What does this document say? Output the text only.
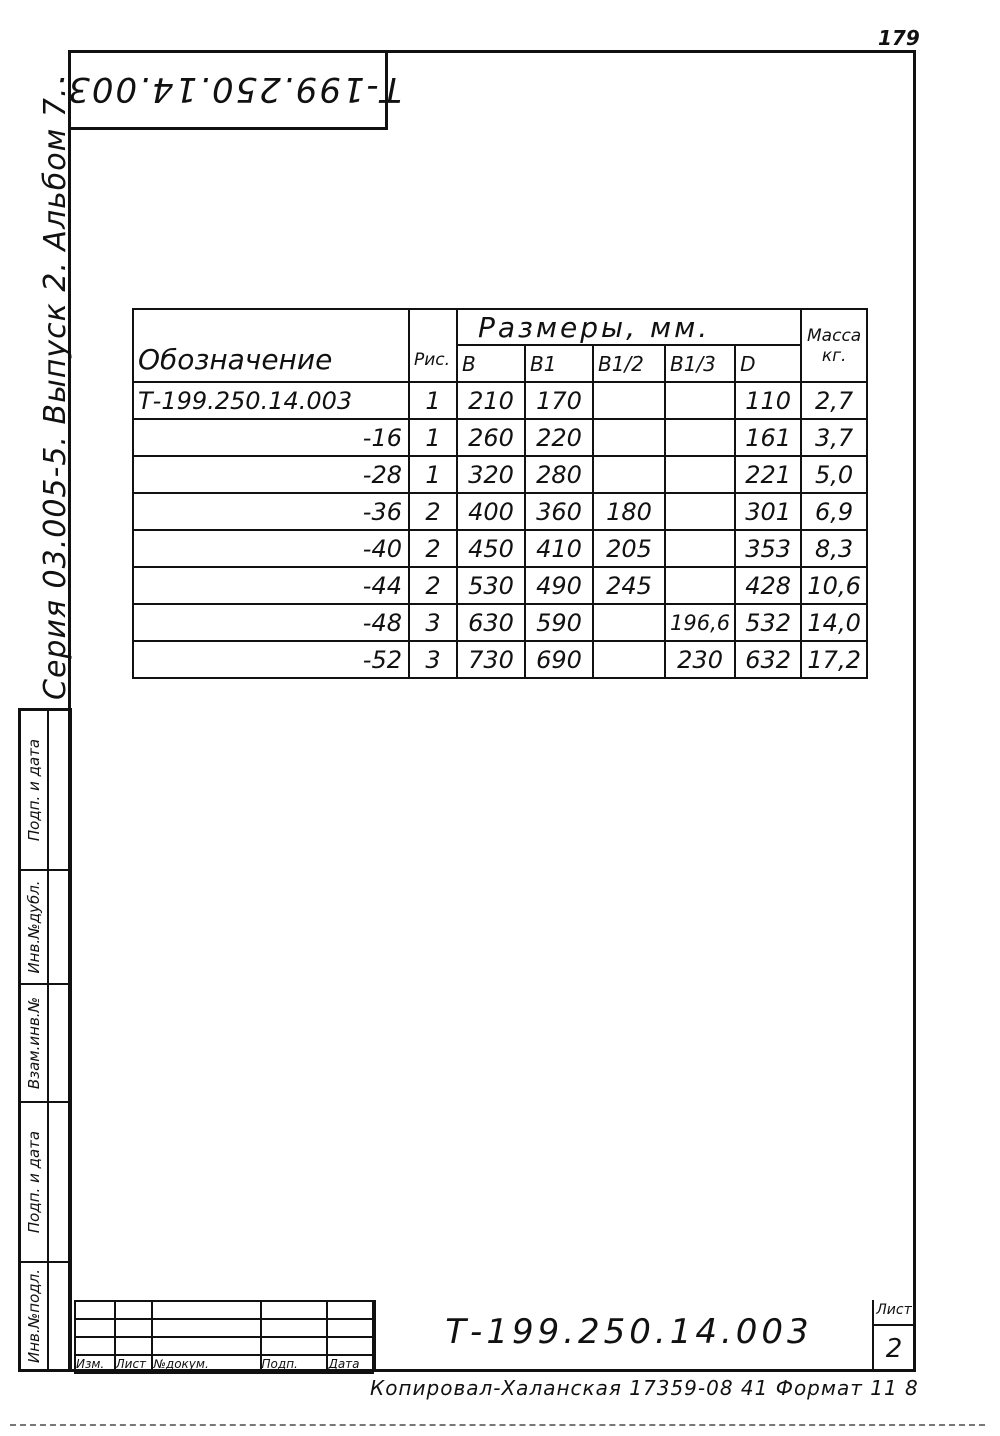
179
Т-199.250.14.003.
Серия 03.005-5. Выпуск 2. Альбом 7.
Подп. и дата
Инв.№дубл.
Взам.инв.№
Подп. и дата
Инв.№подл.
Обозначение	Рис.	Размеры, мм.					Масса кг.
		В	В1	В1/2	В1/3	D	
Т-199.250.14.003	1	210	170			110	2,7
-16	1	260	220			161	3,7
-28	1	320	280			221	5,0
-36	2	400	360	180		301	6,9
-40	2	450	410	205		353	8,3
-44	2	530	490	245		428	10,6
-48	3	630	590		196,6	532	14,0
-52	3	730	690		230	632	17,2

Изм.	Лист	№докум.	Подп.	Дата
Т-199.250.14.003
Лист
2
Копировал-Халанская 17359-08 41 Формат 11 8
